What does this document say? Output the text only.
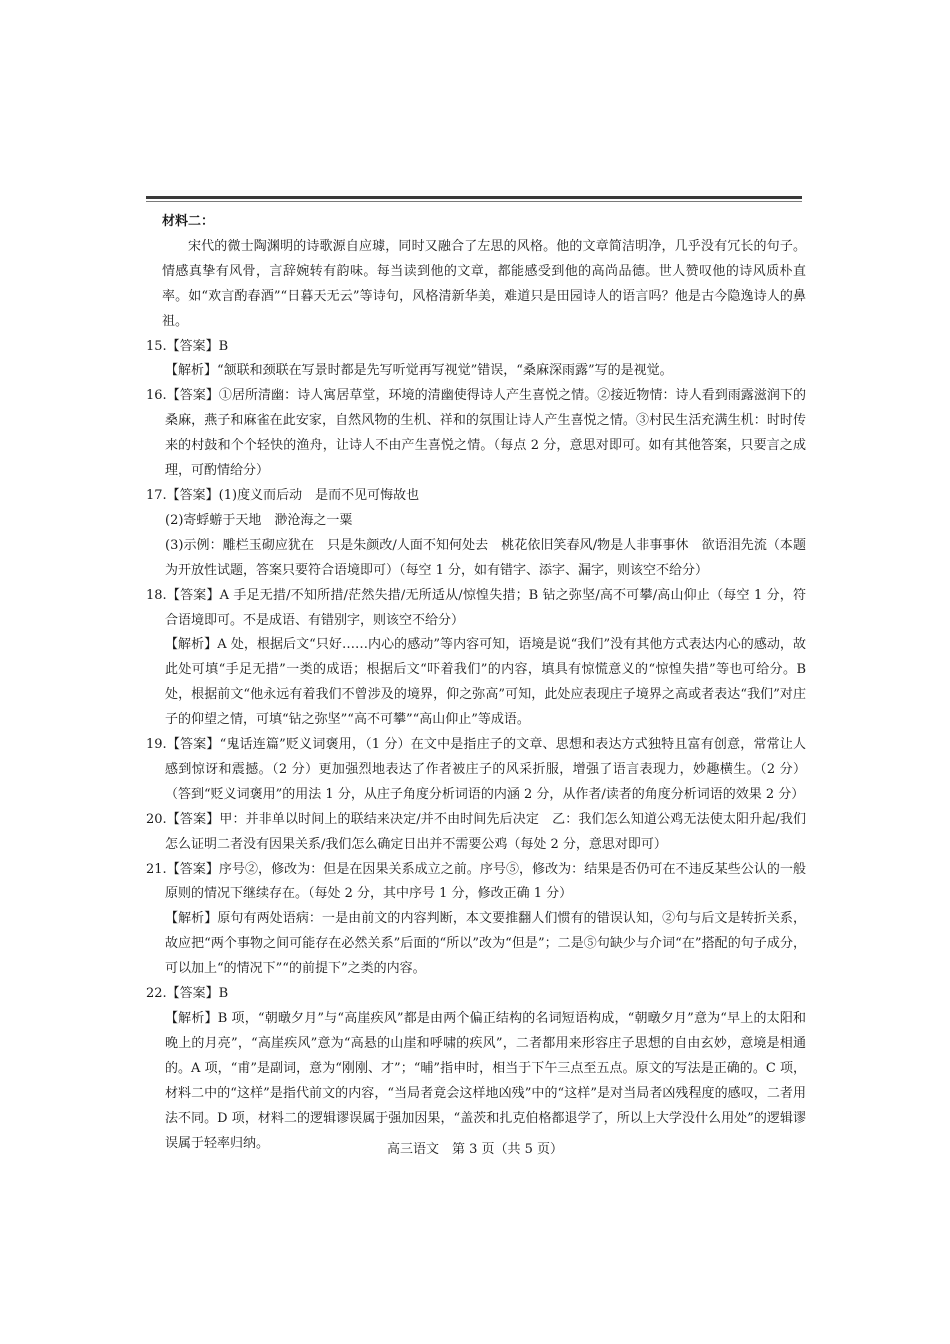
材料二：

宋代的微士陶渊明的诗歌源自应璩，同时又融合了左思的风格。他的文章简洁明净，几乎没有冗长的句子。情感真挚有风骨，言辞婉转有韵味。每当读到他的文章，都能感受到他的高尚品德。世人赞叹他的诗风质朴直率。如“欢言酌春酒”“日暮天无云”等诗句，风格清新华美，难道只是田园诗人的语言吗？他是古今隐逸诗人的鼻祖。

15.【答案】B

【解析】“颔联和颈联在写景时都是先写听觉再写视觉”错误，“桑麻深雨露”写的是视觉。

16.【答案】①居所清幽：诗人寓居草堂，环境的清幽使得诗人产生喜悦之情。②接近物情：诗人看到雨露滋润下的桑麻，燕子和麻雀在此安家，自然风物的生机、祥和的氛围让诗人产生喜悦之情。③村民生活充满生机：时时传来的村鼓和个个轻快的渔舟，让诗人不由产生喜悦之情。（每点 2 分，意思对即可。如有其他答案，只要言之成理，可酌情给分）

17.【答案】(1)度义而后动　是而不见可悔故也

(2)寄蜉蝣于天地　渺沧海之一粟

(3)示例：雕栏玉砌应犹在　只是朱颜改/人面不知何处去　桃花依旧笑春风/物是人非事事休　欲语泪先流（本题为开放性试题，答案只要符合语境即可）（每空 1 分，如有错字、添字、漏字，则该空不给分）

18.【答案】A 手足无措/不知所措/茫然失措/无所适从/惊惶失措；B 钻之弥坚/高不可攀/高山仰止（每空 1 分，符合语境即可。不是成语、有错别字，则该空不给分）

【解析】A 处，根据后文“只好……内心的感动”等内容可知，语境是说“我们”没有其他方式表达内心的感动，故此处可填“手足无措”一类的成语；根据后文“吓着我们”的内容，填具有惊慌意义的“惊惶失措”等也可给分。B 处，根据前文“他永远有着我们不曾涉及的境界，仰之弥高”可知，此处应表现庄子境界之高或者表达“我们”对庄子的仰望之情，可填“钻之弥坚”“高不可攀”“高山仰止”等成语。

19.【答案】“鬼话连篇”贬义词褒用，（1 分）在文中是指庄子的文章、思想和表达方式独特且富有创意，常常让人感到惊讶和震撼。（2 分）更加强烈地表达了作者被庄子的风采折服，增强了语言表现力，妙趣横生。（2 分）（答到“贬义词褒用”的用法 1 分，从庄子角度分析词语的内涵 2 分，从作者/读者的角度分析词语的效果 2 分）

20.【答案】甲：并非单以时间上的联结来决定/并不由时间先后决定　乙：我们怎么知道公鸡无法使太阳升起/我们怎么证明二者没有因果关系/我们怎么确定日出并不需要公鸡（每处 2 分，意思对即可）

21.【答案】序号②，修改为：但是在因果关系成立之前。序号⑤，修改为：结果是否仍可在不违反某些公认的一般原则的情况下继续存在。（每处 2 分，其中序号 1 分，修改正确 1 分）

【解析】原句有两处语病：一是由前文的内容判断，本文要推翻人们惯有的错误认知，②句与后文是转折关系，故应把“两个事物之间可能存在必然关系”后面的“所以”改为“但是”；二是⑤句缺少与介词“在”搭配的句子成分，可以加上“的情况下”“的前提下”之类的内容。

22.【答案】B

【解析】B 项，“朝暾夕月”与“高崖疾风”都是由两个偏正结构的名词短语构成，“朝暾夕月”意为“早上的太阳和晚上的月亮”，“高崖疾风”意为“高悬的山崖和呼啸的疾风”，二者都用来形容庄子思想的自由玄妙，意境是相通的。A 项，“甫”是副词，意为“刚刚、才”；“晡”指申时，相当于下午三点至五点。原文的写法是正确的。C 项，材料二中的“这样”是指代前文的内容，“当局者竟会这样地凶残”中的“这样”是对当局者凶残程度的感叹，二者用法不同。D 项，材料二的逻辑谬误属于强加因果，“盖茨和扎克伯格都退学了，所以上大学没什么用处”的逻辑谬误属于轻率归纳。	高三语文　第 3 页（共 5 页）
